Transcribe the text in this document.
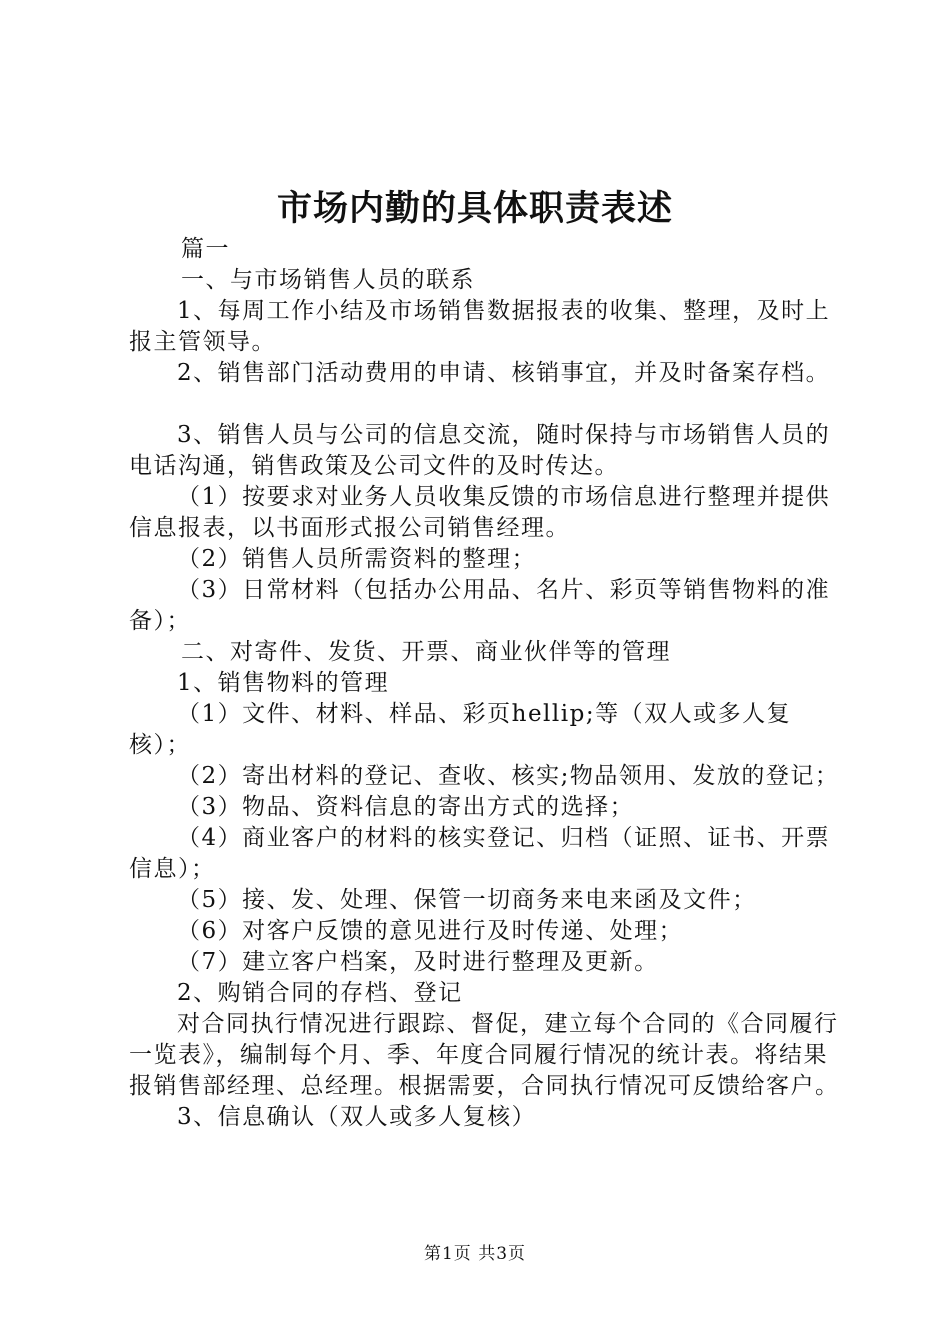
市场内勤的具体职责表述

篇一

一、与市场销售人员的联系

1、每周工作小结及市场销售数据报表的收集、整理，及时上报主管领导。

2、销售部门活动费用的申请、核销事宜，并及时备案存档。

3、销售人员与公司的信息交流，随时保持与市场销售人员的电话沟通，销售政策及公司文件的及时传达。

（1）按要求对业务人员收集反馈的市场信息进行整理并提供信息报表，以书面形式报公司销售经理。

（2）销售人员所需资料的整理；

（3）日常材料（包括办公用品、名片、彩页等销售物料的准备）；

二、对寄件、发货、开票、商业伙伴等的管理

1、销售物料的管理

（1）文件、材料、样品、彩页hellip;等（双人或多人复核）；

（2）寄出材料的登记、查收、核实;物品领用、发放的登记；

（3）物品、资料信息的寄出方式的选择；

（4）商业客户的材料的核实登记、归档（证照、证书、开票信息）；

（5）接、发、处理、保管一切商务来电来函及文件；

（6）对客户反馈的意见进行及时传递、处理；

（7）建立客户档案，及时进行整理及更新。

2、购销合同的存档、登记

对合同执行情况进行跟踪、督促，建立每个合同的《合同履行一览表》，编制每个月、季、年度合同履行情况的统计表。将结果报销售部经理、总经理。根据需要，合同执行情况可反馈给客户。

3、信息确认（双人或多人复核）

第1页 共3页
